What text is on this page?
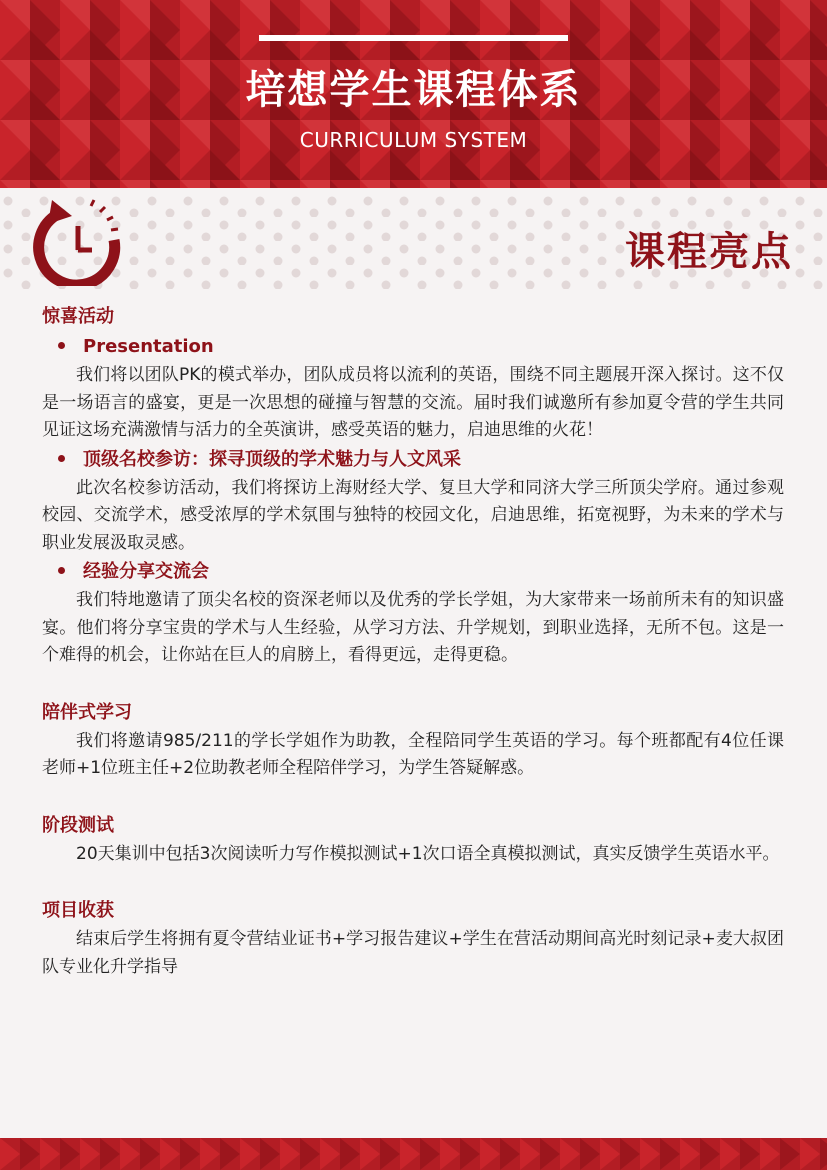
培想学生课程体系
CURRICULUM SYSTEM
课程亮点

惊喜活动

Presentation

我们将以团队PK的模式举办，团队成员将以流利的英语，围绕不同主题展开深入探讨。这不仅是一场语言的盛宴，更是一次思想的碰撞与智慧的交流。届时我们诚邀所有参加夏令营的学生共同见证这场充满激情与活力的全英演讲，感受英语的魅力，启迪思维的火花！

顶级名校参访：探寻顶级的学术魅力与人文风采

此次名校参访活动，我们将探访上海财经大学、复旦大学和同济大学三所顶尖学府。通过参观校园、交流学术，感受浓厚的学术氛围与独特的校园文化，启迪思维，拓宽视野，为未来的学术与职业发展汲取灵感。

经验分享交流会

我们特地邀请了顶尖名校的资深老师以及优秀的学长学姐，为大家带来一场前所未有的知识盛宴。他们将分享宝贵的学术与人生经验，从学习方法、升学规划，到职业选择，无所不包。这是一个难得的机会，让你站在巨人的肩膀上，看得更远，走得更稳。

陪伴式学习

我们将邀请985/211的学长学姐作为助教，全程陪同学生英语的学习。每个班都配有4位任课老师+1位班主任+2位助教老师全程陪伴学习，为学生答疑解惑。

阶段测试

20天集训中包括3次阅读听力写作模拟测试+1次口语全真模拟测试，真实反馈学生英语水平。

项目收获

结束后学生将拥有夏令营结业证书+学习报告建议+学生在营活动期间高光时刻记录+麦大叔团队专业化升学指导
